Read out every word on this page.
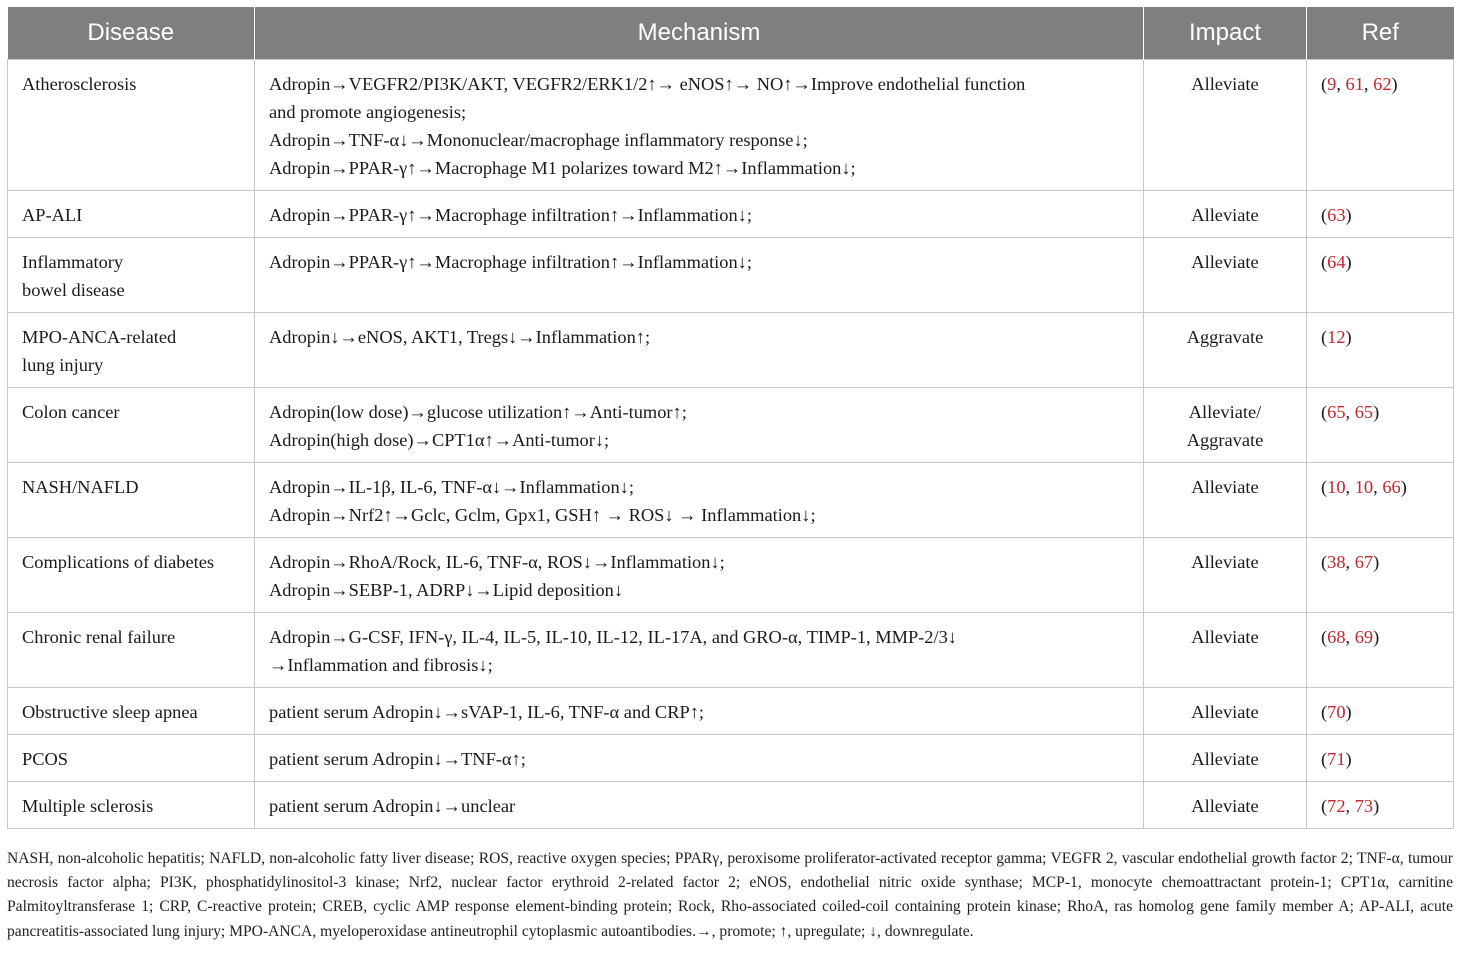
Disease	Mechanism	Impact	Ref

Atherosclerosis	Adropin→VEGFR2/PI3K/AKT, VEGFR2/ERK1/2↑→ eNOS↑→ NO↑→Improve endothelial function
and promote angiogenesis;
Adropin→TNF-α↓→Mononuclear/macrophage inflammatory response↓;
Adropin→PPAR-γ↑→Macrophage M1 polarizes toward M2↑→Inflammation↓;	Alleviate	(9, 61, 62)

AP-ALI	Adropin→PPAR-γ↑→Macrophage infiltration↑→Inflammation↓;	Alleviate	(63)

Inflammatory
bowel disease	Adropin→PPAR-γ↑→Macrophage infiltration↑→Inflammation↓;	Alleviate	(64)

MPO-ANCA-related
lung injury	Adropin↓→eNOS, AKT1, Tregs↓→Inflammation↑;	Aggravate	(12)

Colon cancer	Adropin(low dose)→glucose utilization↑→Anti-tumor↑;
Adropin(high dose)→CPT1α↑→Anti-tumor↓;	Alleviate/
Aggravate	(65, 65)

NASH/NAFLD	Adropin→IL-1β, IL-6, TNF-α↓→Inflammation↓;
Adropin→Nrf2↑→Gclc, Gclm, Gpx1, GSH↑ → ROS↓ → Inflammation↓;	Alleviate	(10, 10, 66)

Complications of diabetes	Adropin→RhoA/Rock, IL-6, TNF-α, ROS↓→Inflammation↓;
Adropin→SEBP-1, ADRP↓→Lipid deposition↓	Alleviate	(38, 67)

Chronic renal failure	Adropin→G-CSF, IFN-γ, IL-4, IL-5, IL-10, IL-12, IL-17A, and GRO-α, TIMP-1, MMP-2/3↓
→Inflammation and fibrosis↓;	Alleviate	(68, 69)

Obstructive sleep apnea	patient serum Adropin↓→sVAP-1, IL-6, TNF-α and CRP↑;	Alleviate	(70)

PCOS	patient serum Adropin↓→TNF-α↑;	Alleviate	(71)

Multiple sclerosis	patient serum Adropin↓→unclear	Alleviate	(72, 73)
NASH, non-alcoholic hepatitis; NAFLD, non-alcoholic fatty liver disease; ROS, reactive oxygen species; PPARγ, peroxisome proliferator-activated receptor gamma; VEGFR 2, vascular endothelial growth factor 2; TNF-α, tumour necrosis factor alpha; PI3K, phosphatidylinositol-3 kinase; Nrf2, nuclear factor erythroid 2-related factor 2; eNOS, endothelial nitric oxide synthase; MCP-1, monocyte chemoattractant protein-1; CPT1α, carnitine Palmitoyltransferase 1; CRP, C-reactive protein; CREB, cyclic AMP response element-binding protein; Rock, Rho-associated coiled-coil containing protein kinase; RhoA, ras homolog gene family member A; AP-ALI, acute pancreatitis-associated lung injury; MPO-ANCA, myeloperoxidase antineutrophil cytoplasmic autoantibodies.→, promote; ↑, upregulate; ↓, downregulate.
